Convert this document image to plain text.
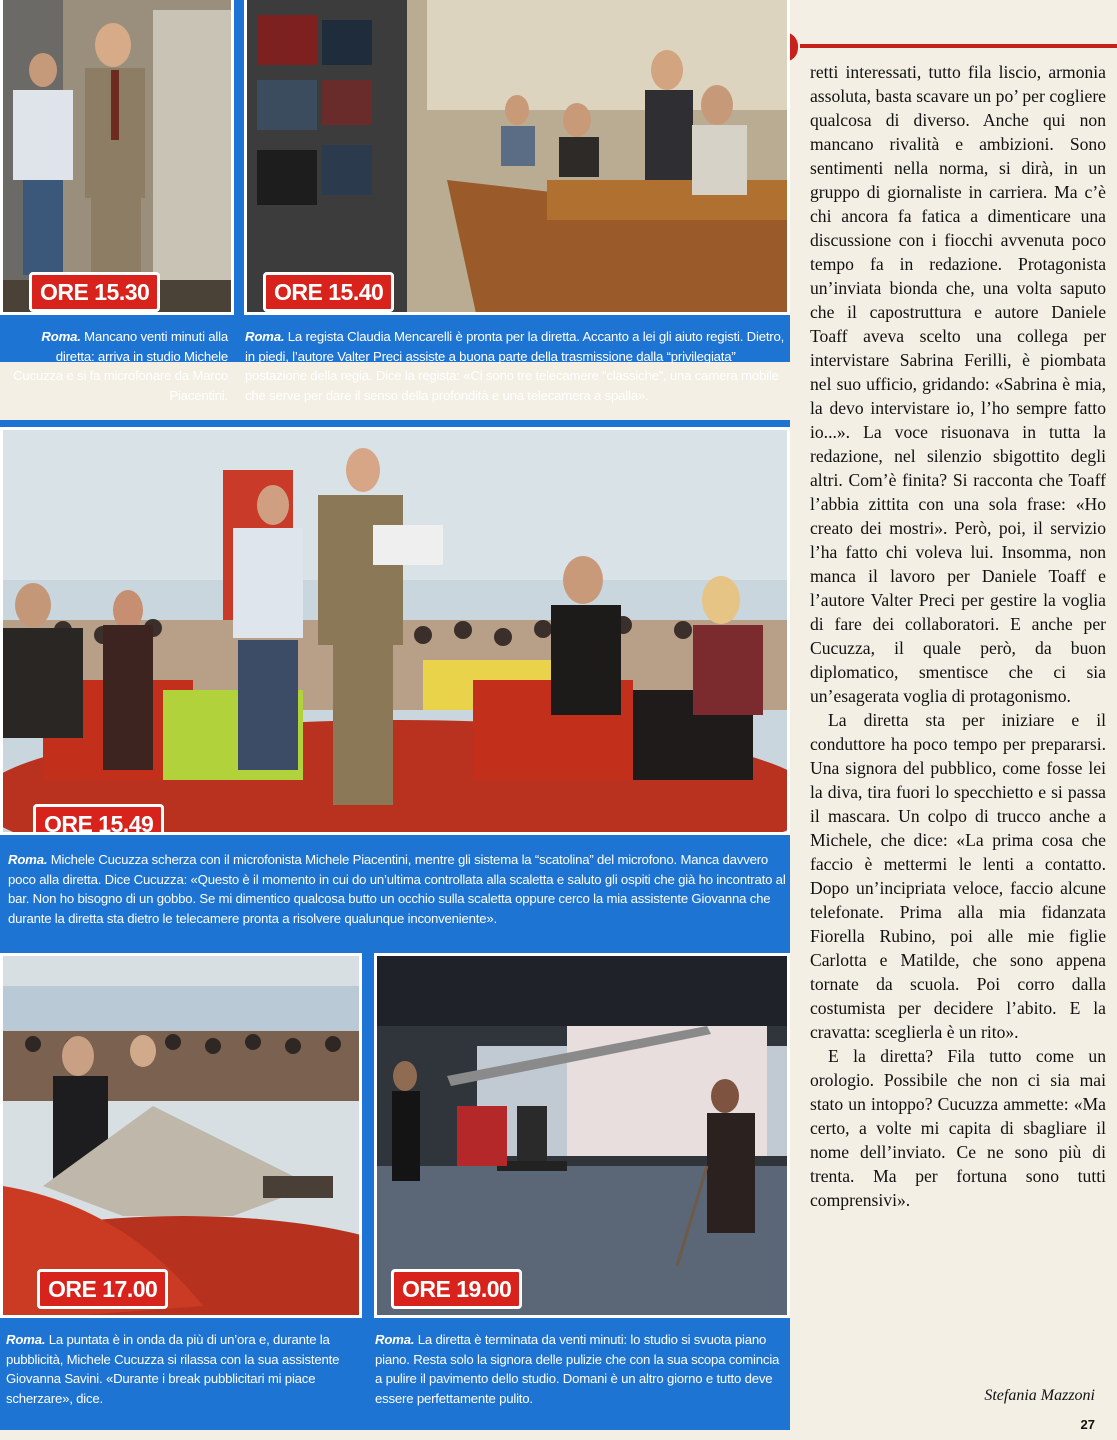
ORE 15.30	ORE 15.40

Roma. Mancano venti minuti alla diretta: arriva in studio Michele Cucuzza e si fa microfonare da Marco Piacentini.

Roma. La regista Claudia Mencarelli è pronta per la diretta. Accanto a lei gli aiuto registi. Dietro, in piedi, l’autore Valter Preci assiste a buona parte della trasmissione dalla “privilegiata” postazione della regia. Dice la regista: «Ci sono tre telecamere “classiche”, una camera mobile che serve per dare il senso della profondità e una telecamera a spalla».

ORE 15.49

Roma. Michele Cucuzza scherza con il microfonista Michele Piacentini, mentre gli sistema la “scatolina” del microfono. Manca davvero poco alla diretta. Dice Cucuzza: «Questo è il momento in cui do un’ultima controllata alla scaletta e saluto gli ospiti che già ho incontrato al bar. Non ho bisogno di un gobbo. Se mi dimentico qualcosa butto un occhio sulla scaletta oppure cerco la mia assistente Giovanna che durante la diretta sta dietro le telecamere pronta a risolvere qualunque inconveniente».

ORE 17.00	ORE 19.00

Roma. La puntata è in onda da più di un’ora e, durante la pubblicità, Michele Cucuzza si rilassa con la sua assistente Giovanna Savini. «Durante i break pubblicitari mi piace scherzare», dice.

Roma. La diretta è terminata da venti minuti: lo studio si svuota piano piano. Resta solo la signora delle pulizie che con la sua scopa comincia a pulire il pavimento dello studio. Domani è un altro giorno e tutto deve essere perfettamente pulito.

retti interessati, tutto fila liscio, armonia assoluta, basta scavare un po’ per cogliere qualcosa di diverso. Anche qui non mancano rivalità e ambizioni. Sono sentimenti nella norma, si dirà, in un gruppo di giornaliste in carriera. Ma c’è chi ancora fa fatica a dimenticare una discussione con i fiocchi avvenuta poco tempo fa in redazione. Protagonista un’inviata bionda che, una volta saputo che il capostruttura e autore Daniele Toaff aveva scelto una collega per intervistare Sabrina Ferilli, è piombata nel suo ufficio, gridando: «Sabrina è mia, la devo intervistare io, l’ho sempre fatto io...». La voce risuonava in tutta la redazione, nel silenzio sbigottito degli altri. Com’è finita? Si racconta che Toaff l’abbia zittita con una sola frase: «Ho creato dei mostri». Però, poi, il servizio l’ha fatto chi voleva lui. Insomma, non manca il lavoro per Daniele Toaff e l’autore Valter Preci per gestire la voglia di fare dei collaboratori. E anche per Cucuzza, il quale però, da buon diplomatico, smentisce che ci sia un’esagerata voglia di protagonismo.

La diretta sta per iniziare e il conduttore ha poco tempo per prepararsi. Una signora del pubblico, come fosse lei la diva, tira fuori lo specchietto e si passa il mascara. Un colpo di trucco anche a Michele, che dice: «La prima cosa che faccio è mettermi le lenti a contatto. Dopo un’incipriata veloce, faccio alcune telefonate. Prima alla mia fidanzata Fiorella Rubino, poi alle mie figlie Carlotta e Matilde, che sono appena tornate da scuola. Poi corro dalla costumista per decidere l’abito. E la cravatta: sceglierla è un rito».

E la diretta? Fila tutto come un orologio. Possibile che non ci sia mai stato un intoppo? Cucuzza ammette: «Ma certo, a volte mi capita di sbagliare il nome dell’inviato. Ce ne sono più di trenta. Ma per fortuna sono tutti comprensivi».

Stefania Mazzoni
27
